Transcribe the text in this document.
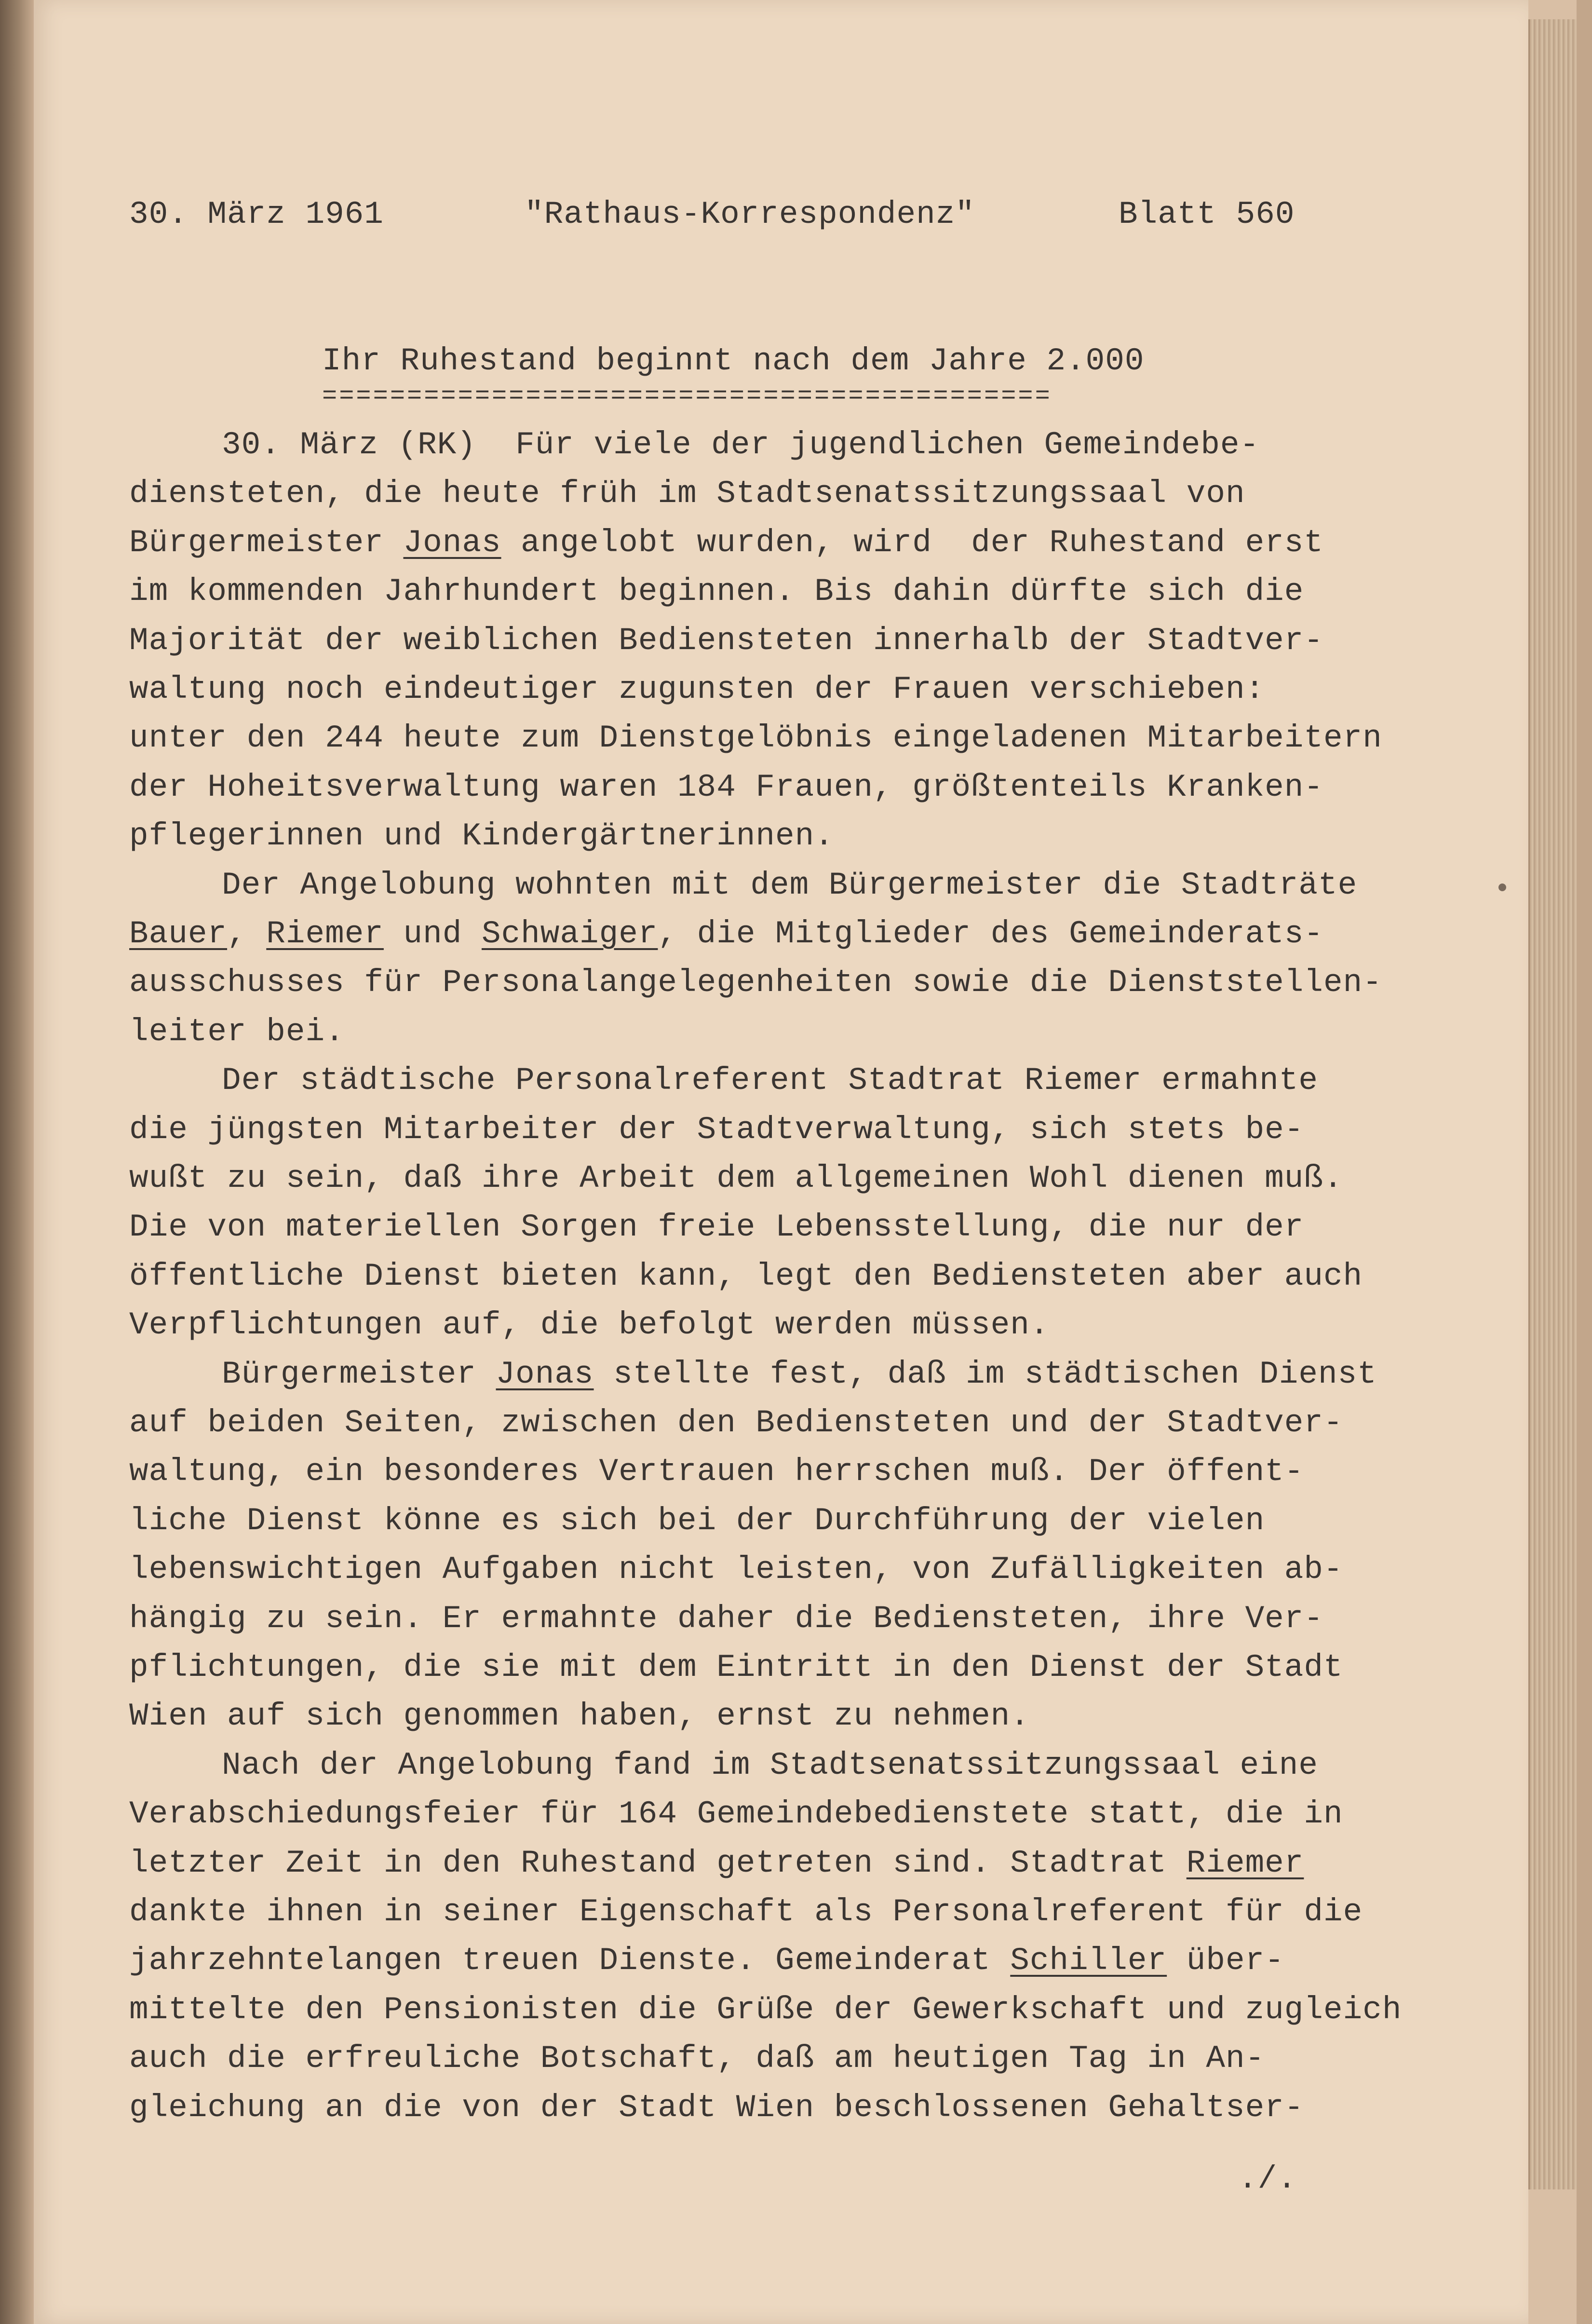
30. März 1961	"Rathaus-Korrespondenz"	Blatt 560
Ihr Ruhestand beginnt nach dem Jahre 2.000
===========================================
30. März (RK)  Für viele der jugendlichen Gemeindebe-
diensteten, die heute früh im Stadtsenatssitzungssaal von
Bürgermeister Jonas angelobt wurden, wird  der Ruhestand erst
im kommenden Jahrhundert beginnen. Bis dahin dürfte sich die
Majorität der weiblichen Bediensteten innerhalb der Stadtver-
waltung noch eindeutiger zugunsten der Frauen verschieben:
unter den 244 heute zum Dienstgelöbnis eingeladenen Mitarbeitern
der Hoheitsverwaltung waren 184 Frauen, größtenteils Kranken-
pflegerinnen und Kindergärtnerinnen.
Der Angelobung wohnten mit dem Bürgermeister die Stadträte
Bauer, Riemer und Schwaiger, die Mitglieder des Gemeinderats-
ausschusses für Personalangelegenheiten sowie die Dienststellen-
leiter bei.
Der städtische Personalreferent Stadtrat Riemer ermahnte
die jüngsten Mitarbeiter der Stadtverwaltung, sich stets be-
wußt zu sein, daß ihre Arbeit dem allgemeinen Wohl dienen muß.
Die von materiellen Sorgen freie Lebensstellung, die nur der
öffentliche Dienst bieten kann, legt den Bediensteten aber auch
Verpflichtungen auf, die befolgt werden müssen.
Bürgermeister Jonas stellte fest, daß im städtischen Dienst
auf beiden Seiten, zwischen den Bediensteten und der Stadtver-
waltung, ein besonderes Vertrauen herrschen muß. Der öffent-
liche Dienst könne es sich bei der Durchführung der vielen
lebenswichtigen Aufgaben nicht leisten, von Zufälligkeiten ab-
hängig zu sein. Er ermahnte daher die Bediensteten, ihre Ver-
pflichtungen, die sie mit dem Eintritt in den Dienst der Stadt
Wien auf sich genommen haben, ernst zu nehmen.
Nach der Angelobung fand im Stadtsenatssitzungssaal eine
Verabschiedungsfeier für 164 Gemeindebedienstete statt, die in
letzter Zeit in den Ruhestand getreten sind. Stadtrat Riemer
dankte ihnen in seiner Eigenschaft als Personalreferent für die
jahrzehntelangen treuen Dienste. Gemeinderat Schiller über-
mittelte den Pensionisten die Grüße der Gewerkschaft und zugleich
auch die erfreuliche Botschaft, daß am heutigen Tag in An-
gleichung an die von der Stadt Wien beschlossenen Gehaltser-
./.
